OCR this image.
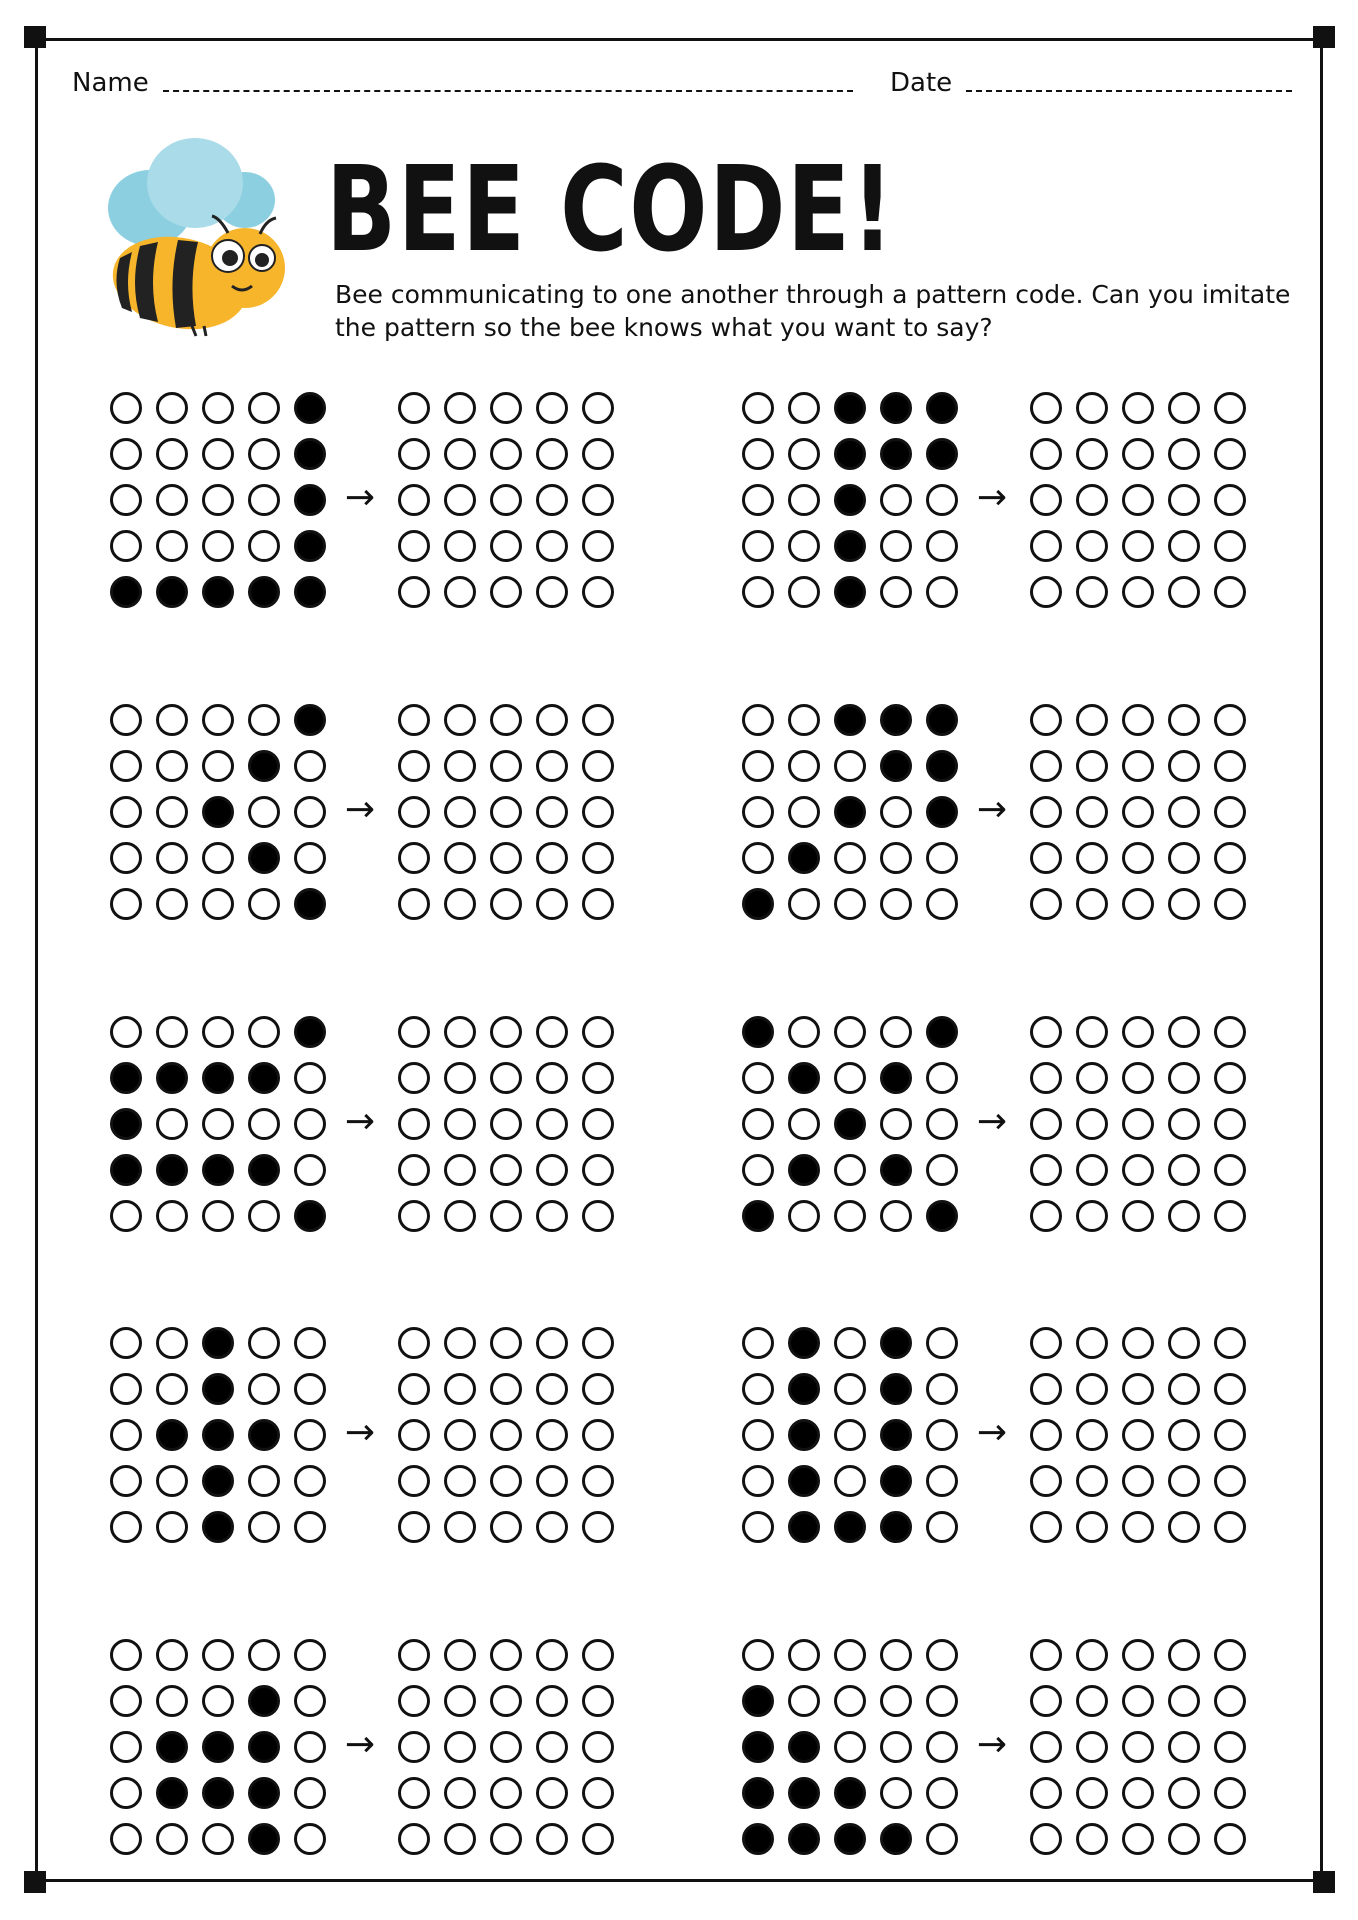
Name	Date
BEE CODE!
Bee communicating to one another through a pattern code. Can you imitate the pattern so the bee knows what you want to say?
→	→
→	→
→	→
→	→
→	→
